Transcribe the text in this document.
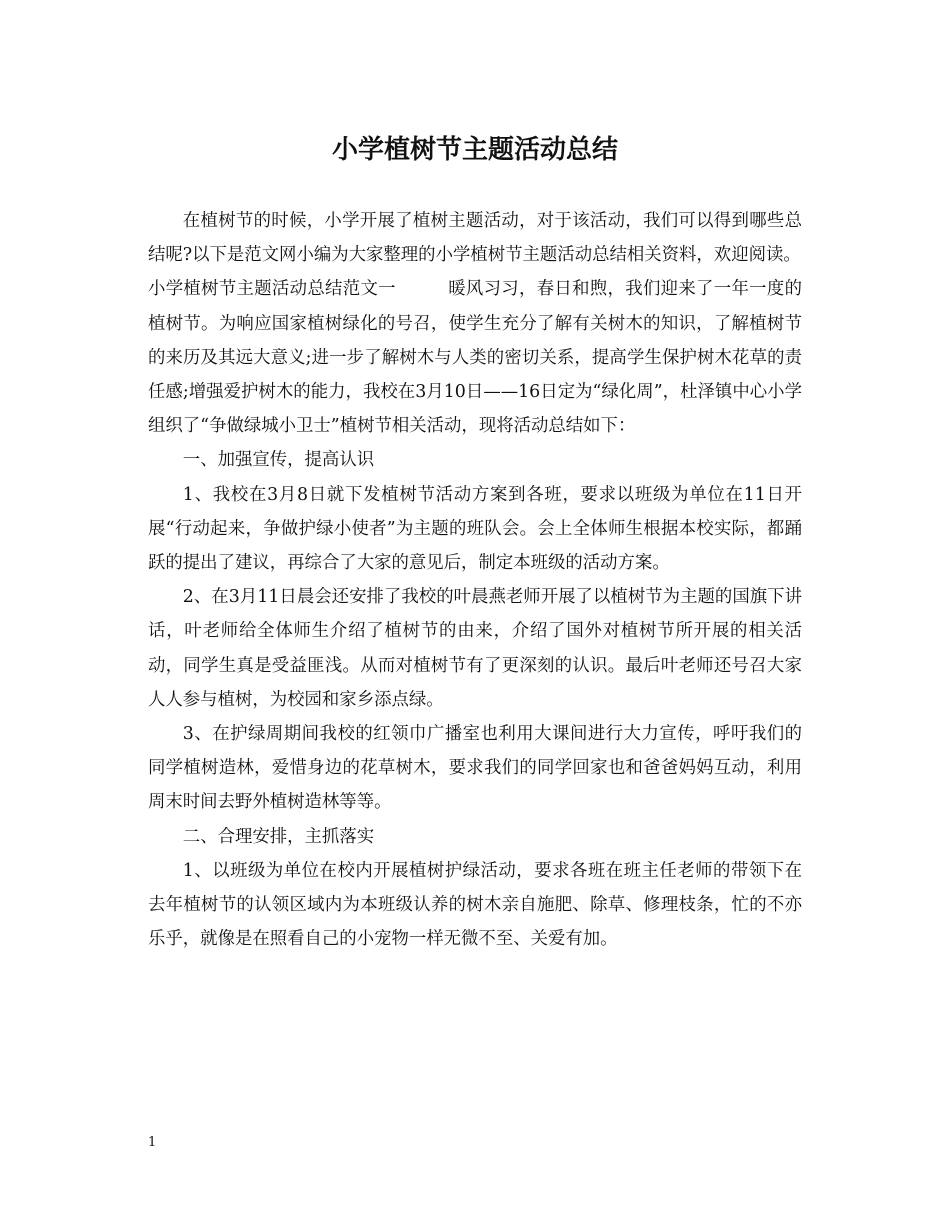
小学植树节主题活动总结

在植树节的时候，小学开展了植树主题活动，对于该活动，我们可以得到哪些总结呢?以下是范文网小编为大家整理的小学植树节主题活动总结相关资料，欢迎阅读。

小学植树节主题活动总结范文一	暖风习习，春日和煦，我们迎来了一年一度的植树节。为响应国家植树绿化的号召，使学生充分了解有关树木的知识，了解植树节的来历及其远大意义;进一步了解树木与人类的密切关系，提高学生保护树木花草的责任感;增强爱护树木的能力，我校在3月10日——16日定为“绿化周”，杜泽镇中心小学组织了“争做绿城小卫士”植树节相关活动，现将活动总结如下：

一、加强宣传，提高认识

1、我校在3月8日就下发植树节活动方案到各班，要求以班级为单位在11日开展“行动起来，争做护绿小使者”为主题的班队会。会上全体师生根据本校实际，都踊跃的提出了建议，再综合了大家的意见后，制定本班级的活动方案。

2、在3月11日晨会还安排了我校的叶晨燕老师开展了以植树节为主题的国旗下讲话，叶老师给全体师生介绍了植树节的由来，介绍了国外对植树节所开展的相关活动，同学生真是受益匪浅。从而对植树节有了更深刻的认识。最后叶老师还号召大家人人参与植树，为校园和家乡添点绿。

3、在护绿周期间我校的红领巾广播室也利用大课间进行大力宣传，呼吁我们的同学植树造林，爱惜身边的花草树木，要求我们的同学回家也和爸爸妈妈互动，利用周末时间去野外植树造林等等。

二、合理安排，主抓落实

1、以班级为单位在校内开展植树护绿活动，要求各班在班主任老师的带领下在去年植树节的认领区域内为本班级认养的树木亲自施肥、除草、修理枝条，忙的不亦乐乎，就像是在照看自己的小宠物一样无微不至、关爱有加。

1
